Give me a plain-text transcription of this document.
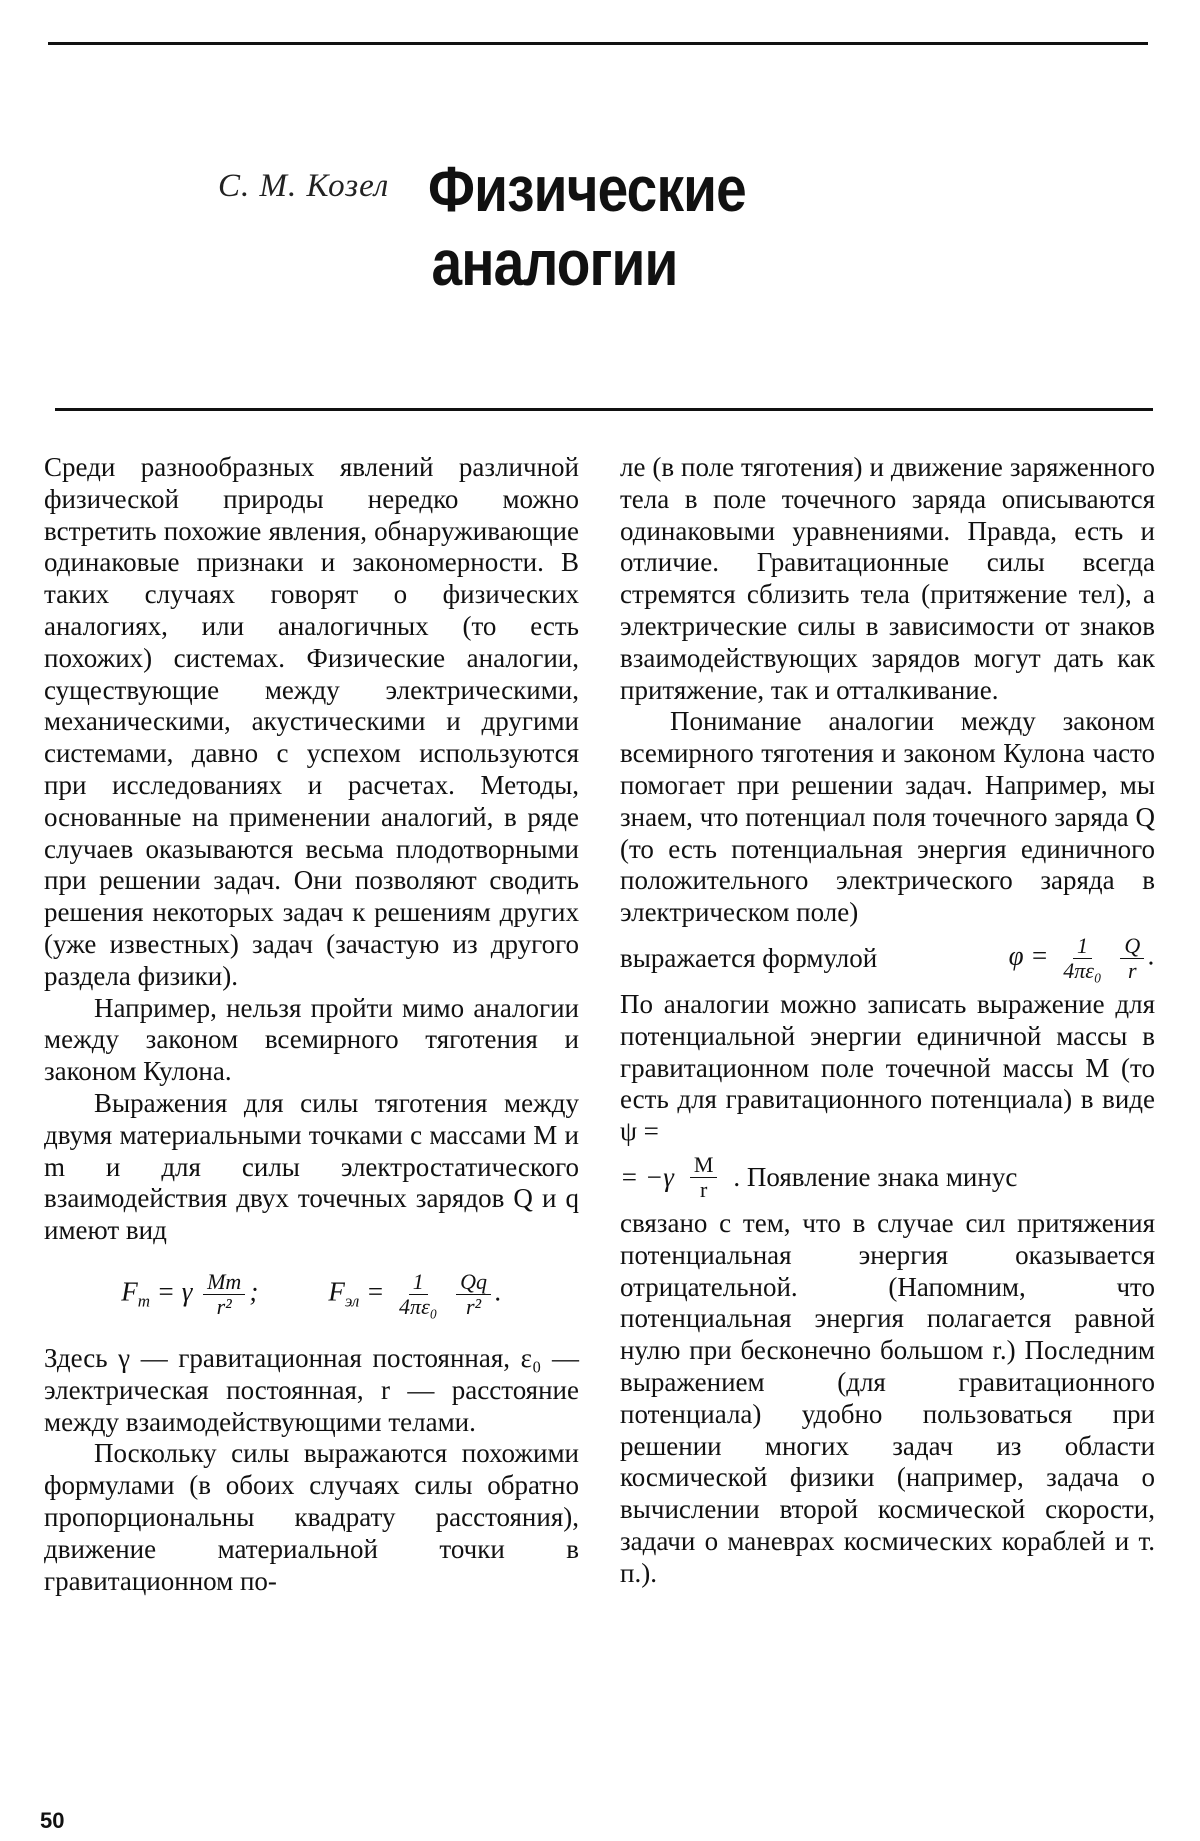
С. М. Козел Физические
аналогии

Среди разнообразных явлений различной физической природы нередко можно встретить похожие явления, обнаруживающие одинаковые признаки и закономерности. В таких случаях говорят о физических аналогиях, или аналогичных (то есть похожих) системах. Физические аналогии, существующие между электрическими, механическими, акустическими и другими системами, давно с успехом используются при исследованиях и расчетах. Методы, основанные на применении аналогий, в ряде случаев оказываются весьма плодотворными при решении задач. Они позволяют сводить решения некоторых задач к решениям других (уже известных) задач (зачастую из другого раздела физики).

Например, нельзя пройти мимо аналогии между законом всемирного тяготения и законом Кулона.

Выражения для силы тяготения между двумя материальными точками с массами M и m и для силы электростатического взаимодействия двух точечных зарядов Q и q имеют вид

$F_т = \gamma \frac{Mm}{\text{r²}}$ ;	$F_{эл} = \frac{1}{\text{4πε₀}}$
$\frac{Qq}{\text{r²}}$ .

Здесь γ — гравитационная постоянная, ε₀ — электрическая постоянная, r — расстояние между взаимодействующими телами.

Поскольку силы выражаются похожими формулами (в обоих случаях силы обратно пропорциональны квадрату расстояния), движение материальной точки в гравитационном по-

ле (в поле тяготения) и движение заряженного тела в поле точечного заряда описываются одинаковыми уравнениями. Правда, есть и отличие. Гравитационные силы всегда стремятся сблизить тела (притяжение тел), а электрические силы в зависимости от знаков взаимодействующих зарядов могут дать как притяжение, так и отталкивание.

Понимание аналогии между законом всемирного тяготения и законом Кулона часто помогает при решении задач. Например, мы знаем, что потенциал поля точечного заряда Q (то есть потенциальная энергия единичного положительного электрического заряда в электрическом поле)

выражается формулой	$\varphi = \frac{1}{\text{4πε₀}}$
$\frac{Q}{r}$ .

По аналогии можно записать выражение для потенциальной энергии единичной массы в гравитационном поле точечной массы M (то есть для гравитационного потенциала) в виде ψ =

= $-\gamma \frac{M}{r}$ . Появление знака минус

связано с тем, что в случае сил притяжения потенциальная энергия оказывается отрицательной. (Напомним, что потенциальная энергия полагается равной нулю при бесконечно большом r.) Последним выражением (для гравитационного потенциала) удобно пользоваться при решении многих задач из области космической физики (например, задача о вычислении второй космической скорости, задачи о маневрах космических кораблей и т. п.).

50
